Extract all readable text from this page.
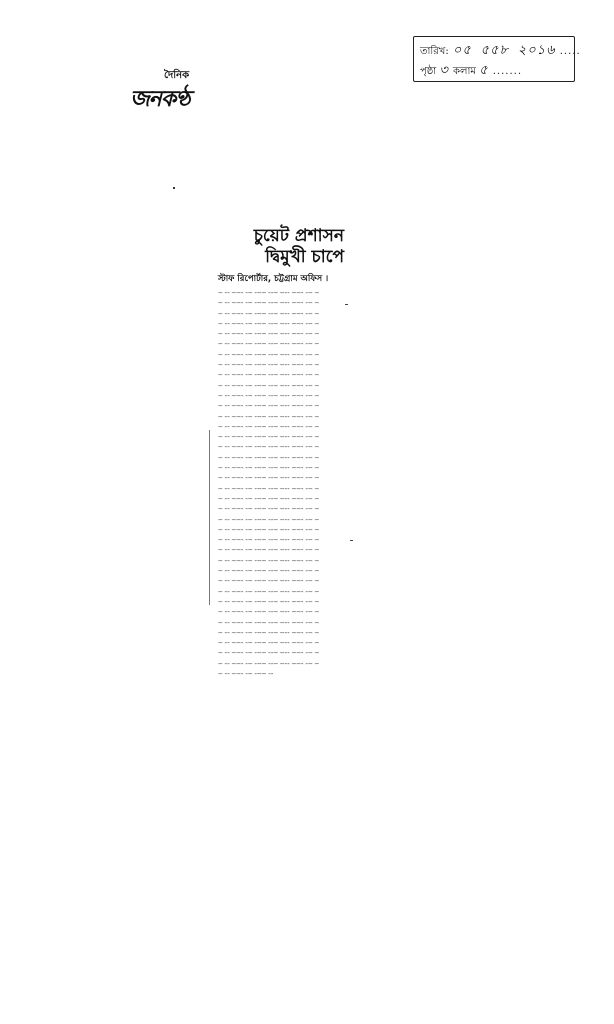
দৈনিক
জনকণ্ঠ
তারিখ: ০৫ ৫৫৮ ২০১৬ .....
পৃষ্ঠা ৩ কলাম ৫ .......
চুয়েট প্রশাসন
দ্বিমুখী চাপে
স্টাফ রিপোর্টার, চট্টগ্রাম অফিস ।
‒ ‐‐ ‒‒‐ ‐‒ ‐‒‒ ‐‐‒ ‒‐‐ ‒‒‐ ‐‒ ‒
‒ ‐‐ ‒‒‐ ‐‒ ‐‒‒ ‐‐‒ ‒‐‐ ‒‒‐ ‐‒ ‒
‒ ‐‐ ‒‒‐ ‐‒ ‐‒‒ ‐‐‒ ‒‐‐ ‒‒‐ ‐‒ ‒
‒ ‐‐ ‒‒‐ ‐‒ ‐‒‒ ‐‐‒ ‒‐‐ ‒‒‐ ‐‒ ‒
‒ ‐‐ ‒‒‐ ‐‒ ‐‒‒ ‐‐‒ ‒‐‐ ‒‒‐ ‐‒ ‒
‒ ‐‐ ‒‒‐ ‐‒ ‐‒‒ ‐‐‒ ‒‐‐ ‒‒‐ ‐‒ ‒
‒ ‐‐ ‒‒‐ ‐‒ ‐‒‒ ‐‐‒ ‒‐‐ ‒‒‐ ‐‒ ‒
‒ ‐‐ ‒‒‐ ‐‒ ‐‒‒ ‐‐‒ ‒‐‐ ‒‒‐ ‐‒ ‒
‒ ‐‐ ‒‒‐ ‐‒ ‐‒‒ ‐‐‒ ‒‐‐ ‒‒‐ ‐‒ ‒
‒ ‐‐ ‒‒‐ ‐‒ ‐‒‒ ‐‐‒ ‒‐‐ ‒‒‐ ‐‒ ‒
‒ ‐‐ ‒‒‐ ‐‒ ‐‒‒ ‐‐‒ ‒‐‐ ‒‒‐ ‐‒ ‒
‒ ‐‐ ‒‒‐ ‐‒ ‐‒‒ ‐‐‒ ‒‐‐ ‒‒‐ ‐‒ ‒
‒ ‐‐ ‒‒‐ ‐‒ ‐‒‒ ‐‐‒ ‒‐‐ ‒‒‐ ‐‒ ‒
‒ ‐‐ ‒‒‐ ‐‒ ‐‒‒ ‐‐‒ ‒‐‐ ‒‒‐ ‐‒ ‒
‒ ‐‐ ‒‒‐ ‐‒ ‐‒‒ ‐‐‒ ‒‐‐ ‒‒‐ ‐‒ ‒
‒ ‐‐ ‒‒‐ ‐‒ ‐‒‒ ‐‐‒ ‒‐‐ ‒‒‐ ‐‒ ‒
‒ ‐‐ ‒‒‐ ‐‒ ‐‒‒ ‐‐‒ ‒‐‐ ‒‒‐ ‐‒ ‒
‒ ‐‐ ‒‒‐ ‐‒ ‐‒‒ ‐‐‒ ‒‐‐ ‒‒‐ ‐‒ ‒
‒ ‐‐ ‒‒‐ ‐‒ ‐‒‒ ‐‐‒ ‒‐‐ ‒‒‐ ‐‒ ‒
‒ ‐‐ ‒‒‐ ‐‒ ‐‒‒ ‐‐‒ ‒‐‐ ‒‒‐ ‐‒ ‒
‒ ‐‐ ‒‒‐ ‐‒ ‐‒‒ ‐‐‒ ‒‐‐ ‒‒‐ ‐‒ ‒
‒ ‐‐ ‒‒‐ ‐‒ ‐‒‒ ‐‐‒ ‒‐‐ ‒‒‐ ‐‒ ‒
‒ ‐‐ ‒‒‐ ‐‒ ‐‒‒ ‐‐‒ ‒‐‐ ‒‒‐ ‐‒ ‒
‒ ‐‐ ‒‒‐ ‐‒ ‐‒‒ ‐‐‒ ‒‐‐ ‒‒‐ ‐‒ ‒
‒ ‐‐ ‒‒‐ ‐‒ ‐‒‒ ‐‐‒ ‒‐‐ ‒‒‐ ‐‒ ‒
‒ ‐‐ ‒‒‐ ‐‒ ‐‒‒ ‐‐‒ ‒‐‐ ‒‒‐ ‐‒ ‒
‒ ‐‐ ‒‒‐ ‐‒ ‐‒‒ ‐‐‒ ‒‐‐ ‒‒‐ ‐‒ ‒
‒ ‐‐ ‒‒‐ ‐‒ ‐‒‒ ‐‐‒ ‒‐‐ ‒‒‐ ‐‒ ‒
‒ ‐‐ ‒‒‐ ‐‒ ‐‒‒ ‐‐‒ ‒‐‐ ‒‒‐ ‐‒ ‒
‒ ‐‐ ‒‒‐ ‐‒ ‐‒‒ ‐‐‒ ‒‐‐ ‒‒‐ ‐‒ ‒
‒ ‐‐ ‒‒‐ ‐‒ ‐‒‒ ‐‐‒ ‒‐‐ ‒‒‐ ‐‒ ‒
‒ ‐‐ ‒‒‐ ‐‒ ‐‒‒ ‐‐‒ ‒‐‐ ‒‒‐ ‐‒ ‒
‒ ‐‐ ‒‒‐ ‐‒ ‐‒‒ ‐‐‒ ‒‐‐ ‒‒‐ ‐‒ ‒
‒ ‐‐ ‒‒‐ ‐‒ ‐‒‒ ‐‐‒ ‒‐‐ ‒‒‐ ‐‒ ‒
‒ ‐‐ ‒‒‐ ‐‒ ‐‒‒ ‐‐‒ ‒‐‐ ‒‒‐ ‐‒ ‒
‒ ‐‐ ‒‒‐ ‐‒ ‐‒‒ ‐‐‒ ‒‐‐ ‒‒‐ ‐‒ ‒
‒ ‐‐ ‒‒‐ ‐‒ ‐‒‒ ‐‐‒ ‒‐‐ ‒‒‐ ‐‒ ‒
‒ ‐‐ ‒‒‐ ‐‒ ‐‒‒ ‐‐
